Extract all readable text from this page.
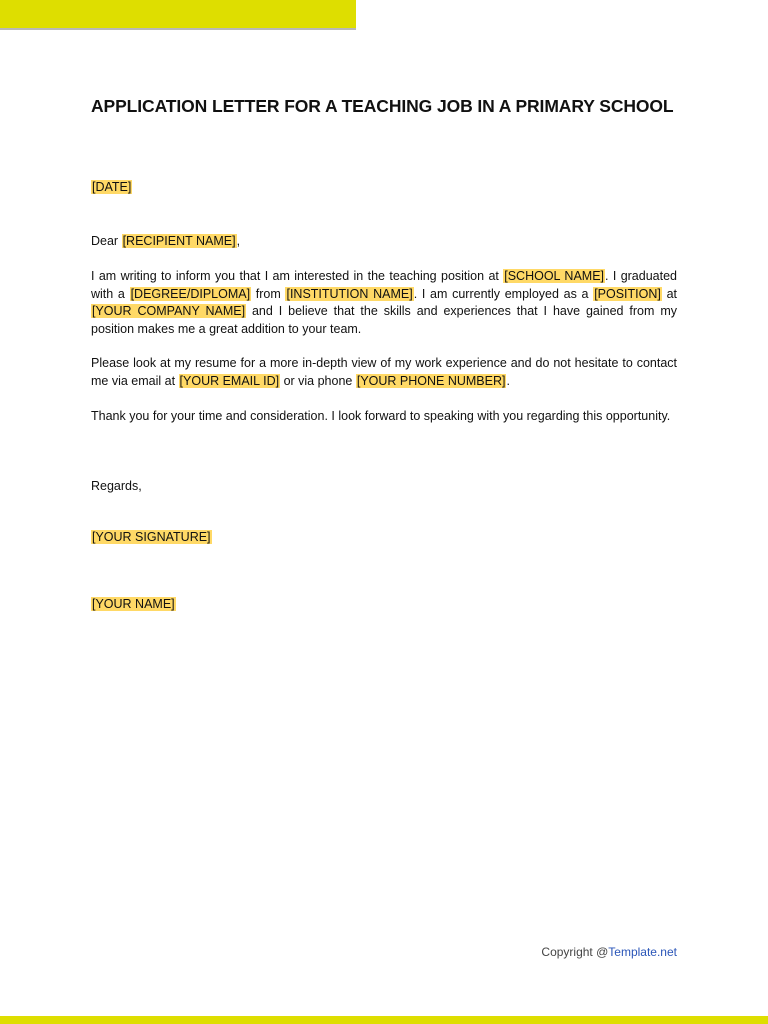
APPLICATION LETTER FOR A TEACHING JOB IN A PRIMARY SCHOOL
[DATE]
Dear [RECIPIENT NAME],
I am writing to inform you that I am interested in the teaching position at [SCHOOL NAME]. I graduated with a [DEGREE/DIPLOMA] from [INSTITUTION NAME]. I am currently employed as a [POSITION] at [YOUR COMPANY NAME] and I believe that the skills and experiences that I have gained from my position makes me a great addition to your team.
Please look at my resume for a more in-depth view of my work experience and do not hesitate to contact me via email at [YOUR EMAIL ID] or via phone [YOUR PHONE NUMBER].
Thank you for your time and consideration. I look forward to speaking with you regarding this opportunity.
Regards,
[YOUR SIGNATURE]
[YOUR NAME]
Copyright @Template.net
